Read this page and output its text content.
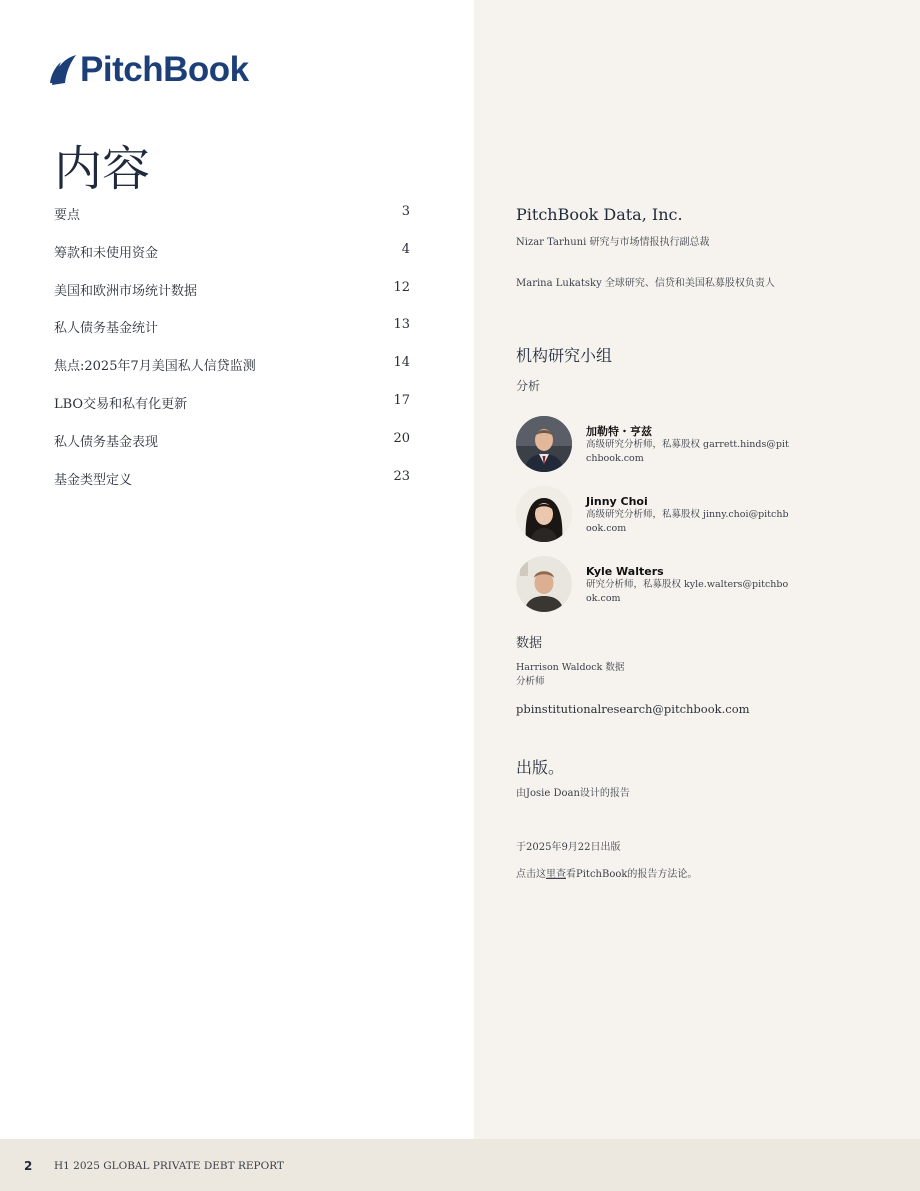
PitchBook
内容
要点	3
筹款和未使用资金	4
美国和欧洲市场统计数据	12
私人债务基金统计	13
焦点:2025年7月美国私人信贷监测	14
LBO交易和私有化更新	17
私人债务基金表现	20
基金类型定义	23
PitchBook Data, Inc.
Nizar Tarhuni 研究与市场情报执行副总裁
Marina Lukatsky 全球研究、信贷和美国私募股权负责人
机构研究小组
分析
加勒特・亨兹
高级研究分析师，私募股权 garrett.hinds@pitchbook.com
Jinny Choi
高级研究分析师，私募股权 jinny.choi@pitchbook.com
Kyle Walters
研究分析师，私募股权 kyle.walters@pitchbook.com
数据
Harrison Waldock 数据分析师
pbinstitutionalresearch@pitchbook.com
出版。
由Josie Doan设计的报告
于2025年9月22日出版
点击这里查看PitchBook的报告方法论。
2 H1 2025 GLOBAL PRIVATE DEBT REPORT
